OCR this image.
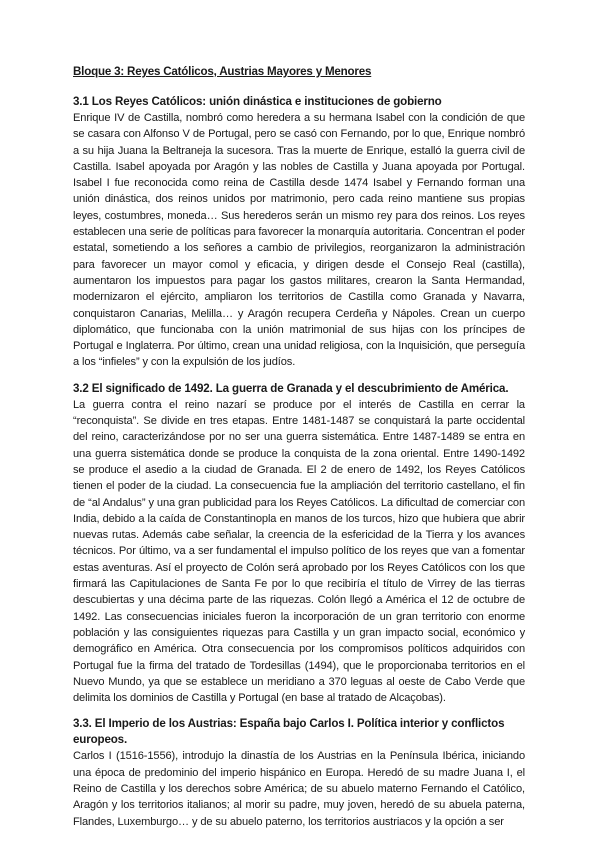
Bloque 3: Reyes Católicos, Austrias Mayores y Menores
3.1 Los Reyes Católicos: unión dinástica e instituciones de gobierno

Enrique IV de Castilla, nombró como heredera a su hermana Isabel con la condición de que se casara con Alfonso V de Portugal, pero se casó con Fernando, por lo que, Enrique nombró a su hija Juana la Beltraneja la sucesora. Tras la muerte de Enrique, estalló la guerra civil de Castilla. Isabel apoyada por Aragón y las nobles de Castilla y Juana apoyada por Portugal. Isabel I fue reconocida como reina de Castilla desde 1474 Isabel y Fernando forman una unión dinástica, dos reinos unidos por matrimonio, pero cada reino mantiene sus propias leyes, costumbres, moneda… Sus herederos serán un mismo rey para dos reinos. Los reyes establecen una serie de políticas para favorecer la monarquía autoritaria. Concentran el poder estatal, sometiendo a los señores a cambio de privilegios, reorganizaron la administración para favorecer un mayor comol y eficacia, y dirigen desde el Consejo Real (castilla), aumentaron los impuestos para pagar los gastos militares, crearon la Santa Hermandad, modernizaron el ejército, ampliaron los territorios de Castilla como Granada y Navarra, conquistaron Canarias, Melilla… y Aragón recupera Cerdeña y Nápoles. Crean un cuerpo diplomático, que funcionaba con la unión matrimonial de sus hijas con los príncipes de Portugal e Inglaterra. Por último, crean una unidad religiosa, con la Inquisición, que perseguía a los “infieles” y con la expulsión de los judíos.

3.2 El significado de 1492. La guerra de Granada y el descubrimiento de América.

La guerra contra el reino nazarí se produce por el interés de Castilla en cerrar la “reconquista”. Se divide en tres etapas. Entre 1481-1487 se conquistará la parte occidental del reino, caracterizándose por no ser una guerra sistemática. Entre 1487-1489 se entra en una guerra sistemática donde se produce la conquista de la zona oriental. Entre 1490-1492 se produce el asedio a la ciudad de Granada. El 2 de enero de 1492, los Reyes Católicos tienen el poder de la ciudad. La consecuencia fue la ampliación del territorio castellano, el fin de “al Andalus” y una gran publicidad para los Reyes Católicos. La dificultad de comerciar con India, debido a la caída de Constantinopla en manos de los turcos, hizo que hubiera que abrir nuevas rutas. Además cabe señalar, la creencia de la esfericidad de la Tierra y los avances técnicos. Por último, va a ser fundamental el impulso político de los reyes que van a fomentar estas aventuras. Así el proyecto de Colón será aprobado por los Reyes Católicos con los que firmará las Capitulaciones de Santa Fe por lo que recibiría el título de Virrey de las tierras descubiertas y una décima parte de las riquezas. Colón llegó a América el 12 de octubre de 1492. Las consecuencias iniciales fueron la incorporación de un gran territorio con enorme población y las consiguientes riquezas para Castilla y un gran impacto social, económico y demográfico en América. Otra consecuencia por los compromisos políticos adquiridos con Portugal fue la firma del tratado de Tordesillas (1494), que le proporcionaba territorios en el Nuevo Mundo, ya que se establece un meridiano a 370 leguas al oeste de Cabo Verde que delimita los dominios de Castilla y Portugal (en base al tratado de Alcaçobas).

3.3. El Imperio de los Austrias: España bajo Carlos I. Política interior y conflictos europeos.

Carlos I (1516-1556), introdujo la dinastía de los Austrias en la Península Ibérica, iniciando una época de predominio del imperio hispánico en Europa. Heredó de su madre Juana I, el Reino de Castilla y los derechos sobre América; de su abuelo materno Fernando el Católico, Aragón y los territorios italianos; al morir su padre, muy joven, heredó de su abuela paterna, Flandes, Luxemburgo… y de su abuelo paterno, los territorios austriacos y la opción a ser
